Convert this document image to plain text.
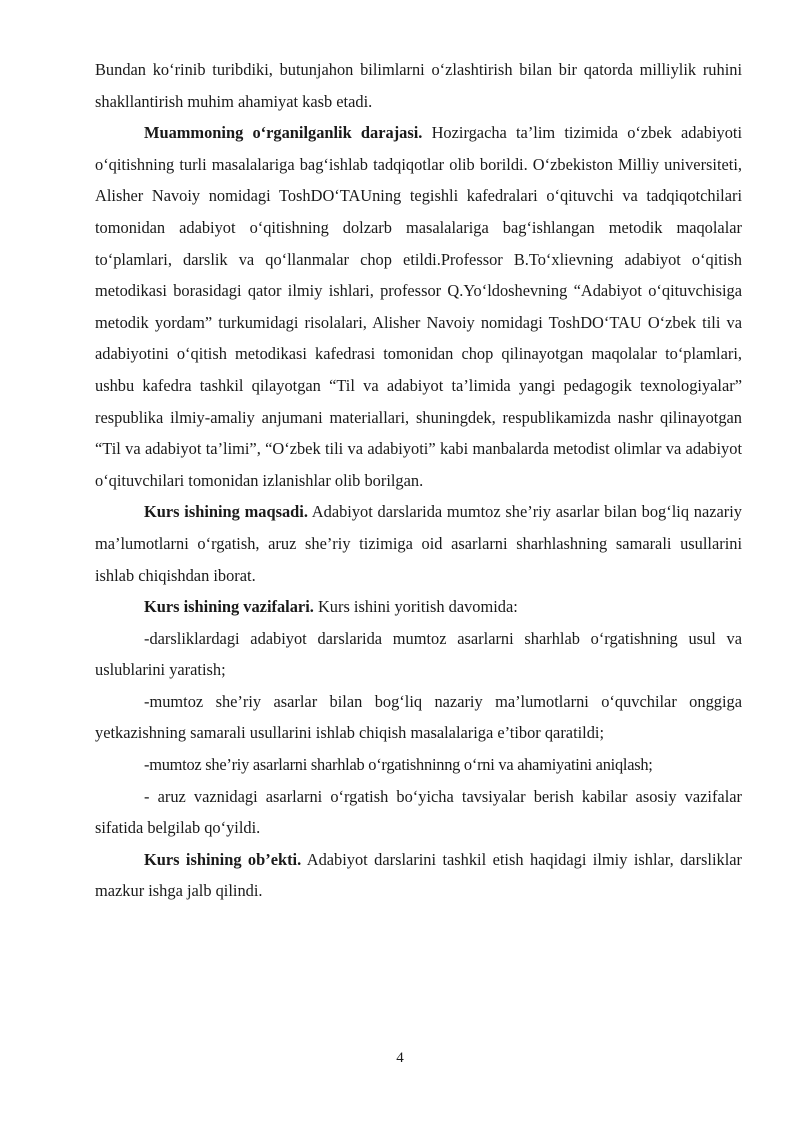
Bundan ko‘rinib turibdiki, butunjahon bilimlarni o‘zlashtirish bilan bir qatorda milliylik ruhini shakllantirish muhim ahamiyat kasb etadi.

Muammoning o‘rganilganlik darajasi. Hozirgacha ta’lim tizimida o‘zbek adabiyoti o‘qitishning turli masalalariga bag‘ishlab tadqiqotlar olib borildi. O‘zbekiston Milliy universiteti, Alisher Navoiy nomidagi ToshDO‘TAUning tegishli kafedralari o‘qituvchi va tadqiqotchilari tomonidan adabiyot o‘qitishning dolzarb masalalariga bag‘ishlangan metodik maqolalar to‘plamlari, darslik va qo‘llanmalar chop etildi.Professor B.To‘xlievning adabiyot o‘qitish metodikasi borasidagi qator ilmiy ishlari, professor Q.Yo‘ldoshevning “Adabiyot o‘qituvchisiga metodik yordam” turkumidagi risolalari, Alisher Navoiy nomidagi ToshDO‘TAU O‘zbek tili va adabiyotini o‘qitish metodikasi kafedrasi tomonidan chop qilinayotgan maqolalar to‘plamlari, ushbu kafedra tashkil qilayotgan “Til va adabiyot ta’limida yangi pedagogik texnologiyalar” respublika ilmiy-amaliy anjumani materiallari, shuningdek, respublikamizda nashr qilinayotgan “Til va adabiyot ta’limi”, “O‘zbek tili va adabiyoti” kabi manbalarda metodist olimlar va adabiyot o‘qituvchilari tomonidan izlanishlar olib borilgan.

Kurs ishining maqsadi. Adabiyot darslarida mumtoz she’riy asarlar bilan bog‘liq nazariy ma’lumotlarni o‘rgatish, aruz she’riy tizimiga oid asarlarni sharhlashning samarali usullarini ishlab chiqishdan iborat.

Kurs ishining vazifalari. Kurs ishini yoritish davomida:

-darsliklardagi adabiyot darslarida mumtoz asarlarni sharhlab o‘rgatishning usul va uslublarini yaratish;

-mumtoz she’riy asarlar bilan bog‘liq nazariy ma’lumotlarni o‘quvchilar onggiga yetkazishning samarali usullarini ishlab chiqish masalalariga e’tibor qaratildi;

-mumtoz she’riy asarlarni sharhlab o‘rgatishninng o‘rni va ahamiyatini aniqlash;

- aruz vaznidagi asarlarni o‘rgatish bo‘yicha tavsiyalar berish kabilar asosiy vazifalar sifatida belgilab qo‘yildi.

Kurs ishining ob’ekti. Adabiyot darslarini tashkil etish haqidagi ilmiy ishlar, darsliklar mazkur ishga jalb qilindi.

4
